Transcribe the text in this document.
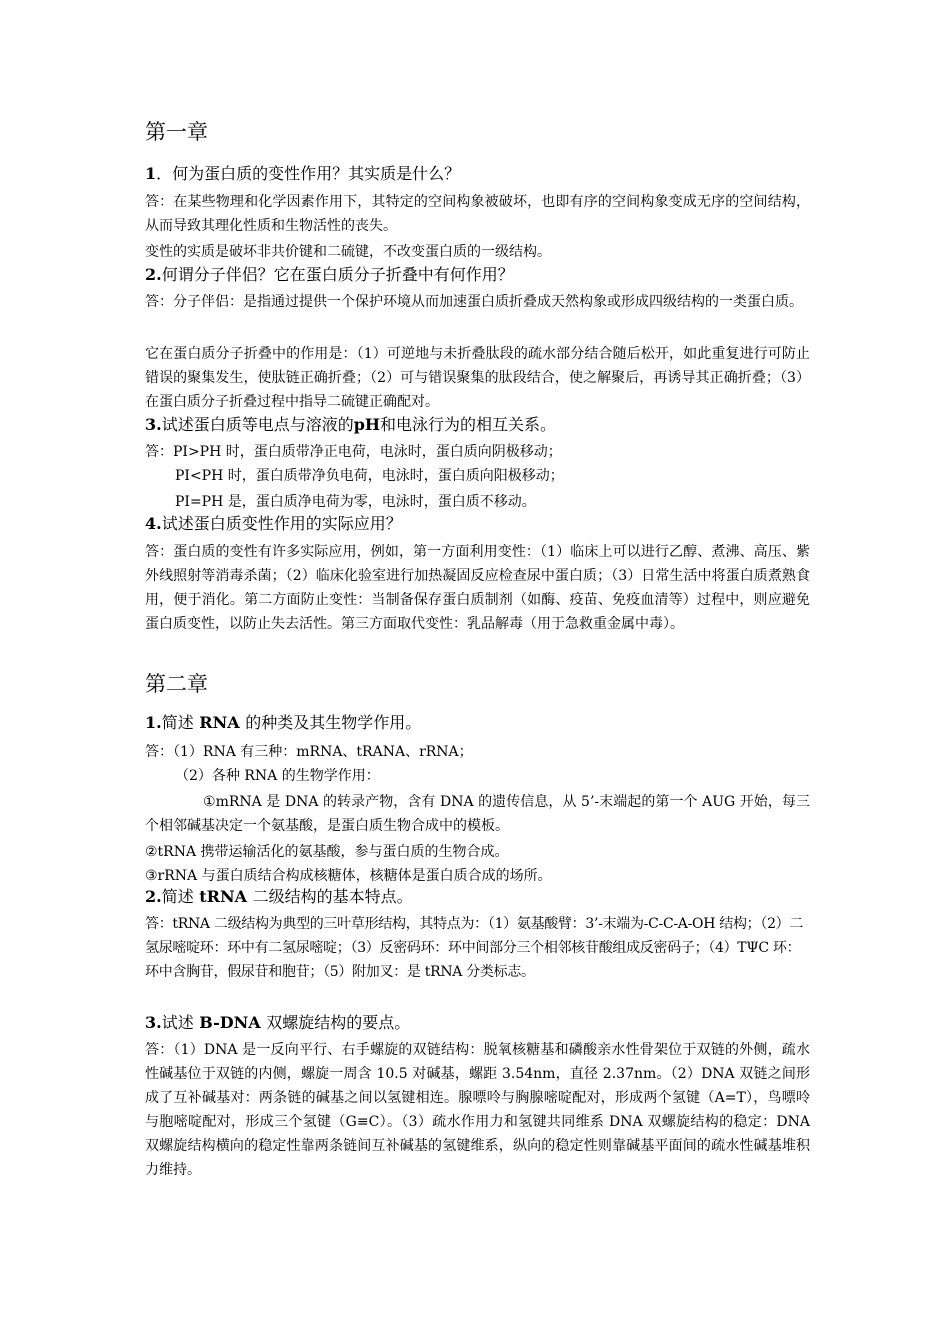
第一章

1．何为蛋白质的变性作用？其实质是什么？

答：在某些物理和化学因素作用下，其特定的空间构象被破坏，也即有序的空间构象变成无序的空间结构，从而导致其理化性质和生物活性的丧失。

变性的实质是破坏非共价键和二硫键，不改变蛋白质的一级结构。

2.何谓分子伴侣？它在蛋白质分子折叠中有何作用？

答：分子伴侣：是指通过提供一个保护环境从而加速蛋白质折叠成天然构象或形成四级结构的一类蛋白质。

它在蛋白质分子折叠中的作用是：（1）可逆地与未折叠肽段的疏水部分结合随后松开，如此重复进行可防止错误的聚集发生，使肽链正确折叠；（2）可与错误聚集的肽段结合，使之解聚后，再诱导其正确折叠；（3）在蛋白质分子折叠过程中指导二硫键正确配对。

3.试述蛋白质等电点与溶液的pH和电泳行为的相互关系。

答：PI>PH 时，蛋白质带净正电荷，电泳时，蛋白质向阴极移动；

PI<PH 时，蛋白质带净负电荷，电泳时，蛋白质向阳极移动；

PI=PH 是，蛋白质净电荷为零，电泳时，蛋白质不移动。

4.试述蛋白质变性作用的实际应用？

答：蛋白质的变性有许多实际应用，例如，第一方面利用变性：（1）临床上可以进行乙醇、煮沸、高压、紫外线照射等消毒杀菌；（2）临床化验室进行加热凝固反应检查尿中蛋白质；（3）日常生活中将蛋白质煮熟食用，便于消化。第二方面防止变性：当制备保存蛋白质制剂（如酶、疫苗、免疫血清等）过程中，则应避免蛋白质变性，以防止失去活性。第三方面取代变性：乳品解毒（用于急救重金属中毒）。

第二章

1.简述 RNA 的种类及其生物学作用。

答：（1）RNA 有三种：mRNA、tRANA、rRNA；

（2）各种 RNA 的生物学作用：

①mRNA 是 DNA 的转录产物，含有 DNA 的遗传信息，从 5’-末端起的第一个 AUG 开始，每三个相邻碱基决定一个氨基酸，是蛋白质生物合成中的模板。

②tRNA 携带运输活化的氨基酸，参与蛋白质的生物合成。

③rRNA 与蛋白质结合构成核糖体，核糖体是蛋白质合成的场所。

2.简述 tRNA 二级结构的基本特点。

答：tRNA 二级结构为典型的三叶草形结构，其特点为：（1）氨基酸臂：3’-末端为-C-C-A-OH 结构；（2）二氢尿嘧啶环：环中有二氢尿嘧啶；（3）反密码环：环中间部分三个相邻核苷酸组成反密码子；（4）TΨC 环：环中含胸苷，假尿苷和胞苷；（5）附加叉：是 tRNA 分类标志。

3.试述 B-DNA 双螺旋结构的要点。

答：（1）DNA 是一反向平行、右手螺旋的双链结构：脱氧核糖基和磷酸亲水性骨架位于双链的外侧，疏水性碱基位于双链的内侧，螺旋一周含 10.5 对碱基，螺距 3.54nm，直径 2.37nm。（2）DNA 双链之间形成了互补碱基对：两条链的碱基之间以氢键相连。腺嘌呤与胸腺嘧啶配对，形成两个氢键（A=T），鸟嘌呤与胞嘧啶配对，形成三个氢键（G≡C）。（3）疏水作用力和氢键共同维系 DNA 双螺旋结构的稳定：DNA 双螺旋结构横向的稳定性靠两条链间互补碱基的氢键维系，纵向的稳定性则靠碱基平面间的疏水性碱基堆积力维持。
